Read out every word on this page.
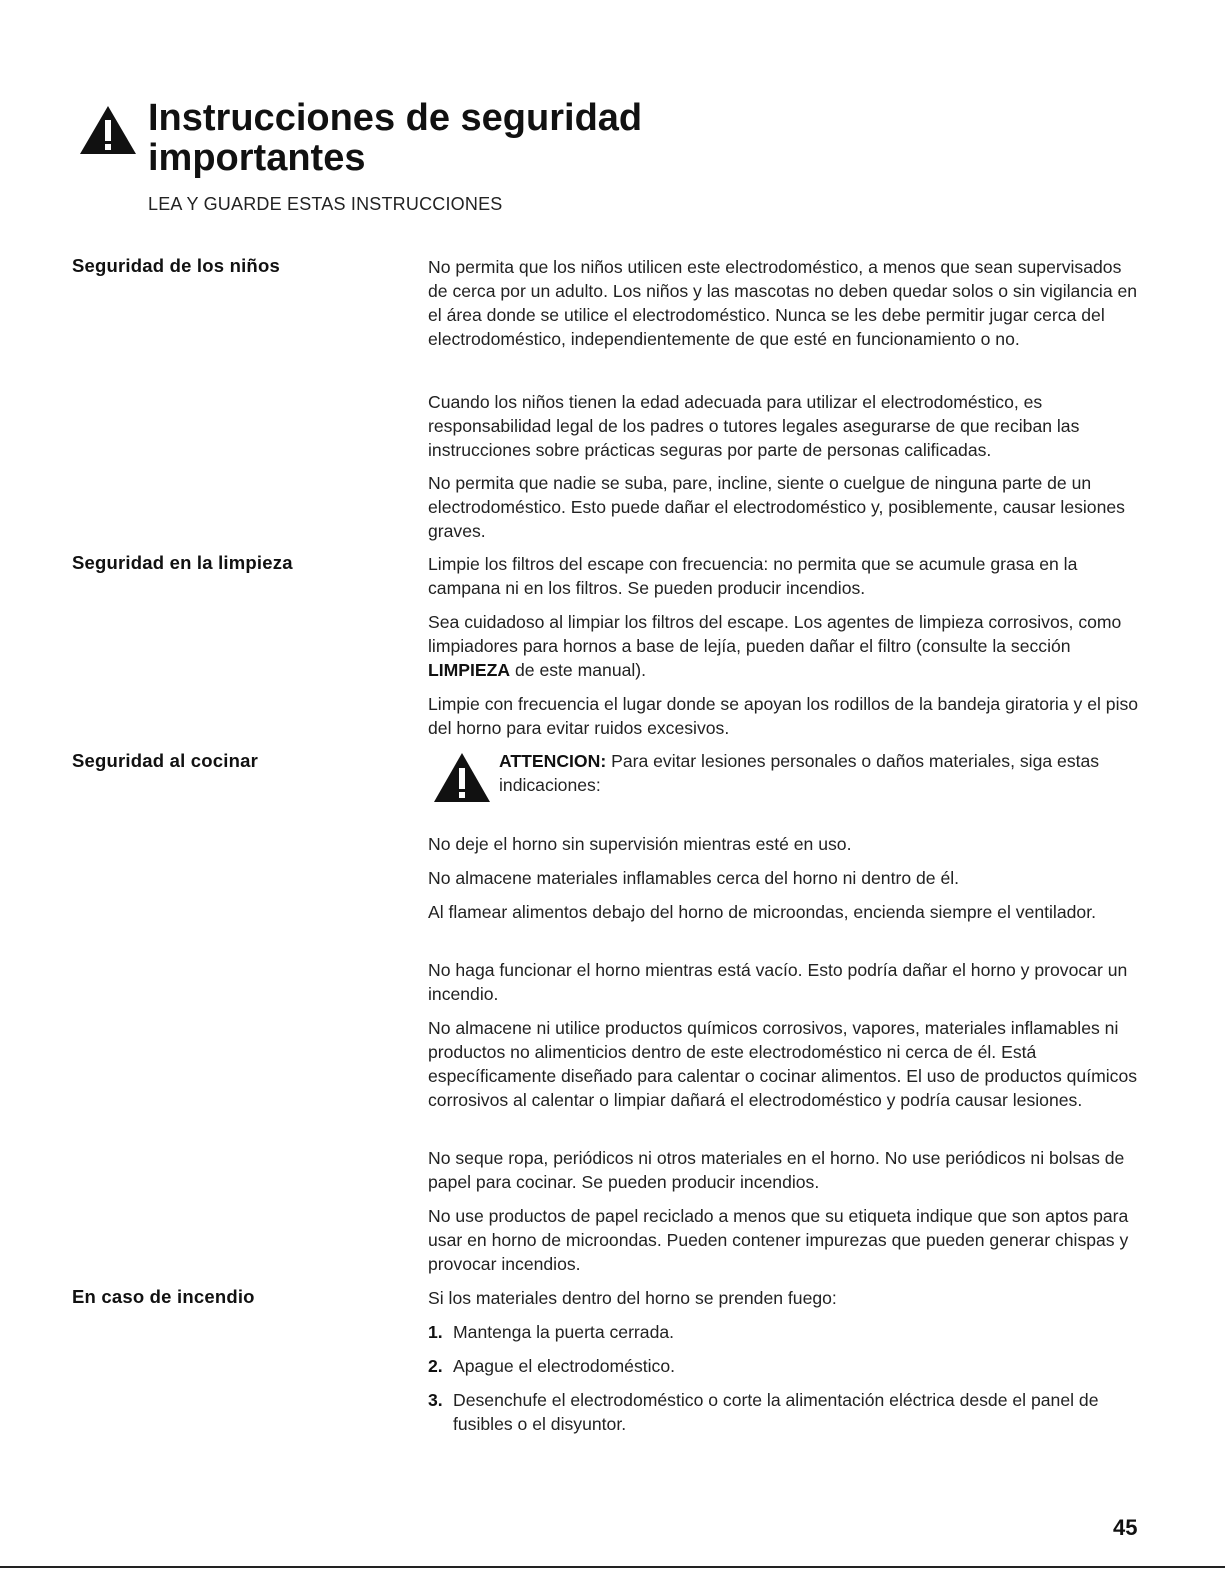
Instrucciones de seguridad
importantes
LEA Y GUARDE ESTAS INSTRUCCIONES
Seguridad de los niños	No permita que los niños utilicen este electrodoméstico, a menos que sean supervisados de cerca por un adulto. Los niños y las mascotas no deben quedar solos o sin vigilancia en el área donde se utilice el electrodoméstico. Nunca se les debe permitir jugar cerca del electrodoméstico, independientemente de que esté en funcionamiento o no.

Cuando los niños tienen la edad adecuada para utilizar el electrodoméstico, es responsabilidad legal de los padres o tutores legales asegurarse de que reciban las instrucciones sobre prácticas seguras por parte de personas calificadas.

No permita que nadie se suba, pare, incline, siente o cuelgue de ninguna parte de un electrodoméstico. Esto puede dañar el electrodoméstico y, posiblemente, causar lesiones graves.

Seguridad en la limpieza	Limpie los filtros del escape con frecuencia: no permita que se acumule grasa en la campana ni en los filtros. Se pueden producir incendios.

Sea cuidadoso al limpiar los filtros del escape. Los agentes de limpieza corrosivos, como limpiadores para hornos a base de lejía, pueden dañar el filtro (consulte la sección LIMPIEZA de este manual).

Limpie con frecuencia el lugar donde se apoyan los rodillos de la bandeja giratoria y el piso del horno para evitar ruidos excesivos.

Seguridad al cocinar	ATTENCION: Para evitar lesiones personales o daños materiales, siga estas indicaciones:

No deje el horno sin supervisión mientras esté en uso.

No almacene materiales inflamables cerca del horno ni dentro de él.

Al flamear alimentos debajo del horno de microondas, encienda siempre el ventilador.

No haga funcionar el horno mientras está vacío. Esto podría dañar el horno y provocar un incendio.

No almacene ni utilice productos químicos corrosivos, vapores, materiales inflamables ni productos no alimenticios dentro de este electrodoméstico ni cerca de él. Está específicamente diseñado para calentar o cocinar alimentos. El uso de productos químicos corrosivos al calentar o limpiar dañará el electrodoméstico y podría causar lesiones.

No seque ropa, periódicos ni otros materiales en el horno. No use periódicos ni bolsas de papel para cocinar. Se pueden producir incendios.

No use productos de papel reciclado a menos que su etiqueta indique que son aptos para usar en horno de microondas. Pueden contener impurezas que pueden generar chispas y provocar incendios.

En caso de incendio	Si los materiales dentro del horno se prenden fuego:

1. Mantenga la puerta cerrada.

2. Apague el electrodoméstico.

3. Desenchufe el electrodoméstico o corte la alimentación eléctrica desde el panel de fusibles o el disyuntor.

45
